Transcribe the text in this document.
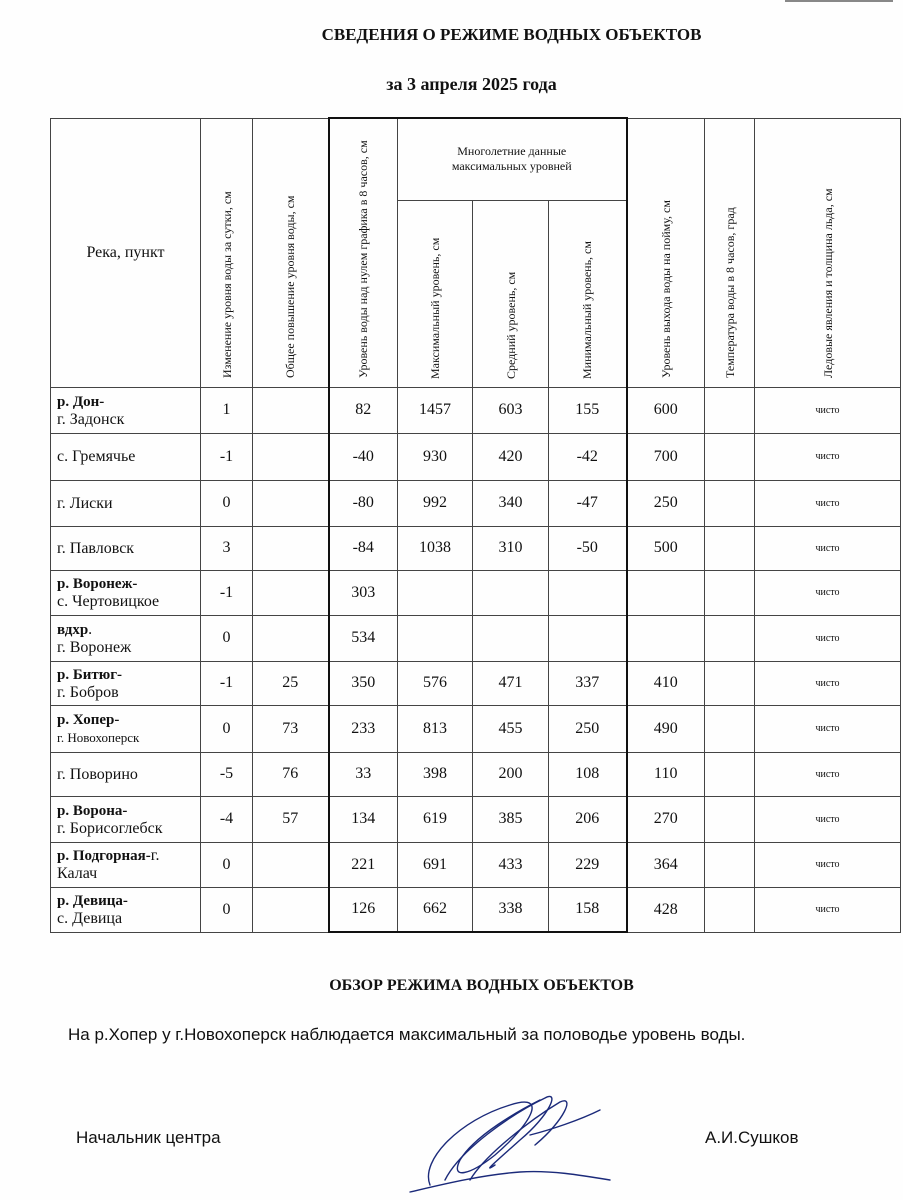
СВЕДЕНИЯ О РЕЖИМЕ ВОДНЫХ ОБЪЕКТОВ
за 3 апреля 2025 года
Река, пункт	Изменение уровня воды за сутки, см	Общее повышение уровня воды, см	Уровень воды над нулем графика в 8 часов, см	Многолетние данные максимальных уровней			Уровень выхода воды на пойму, см	Температура воды в 8 часов, град	Ледовые явления и толщина льда, см

				Максимальный уровень, см	Средний уровень, см	Минимальный уровень, см			

р. Дон-
г. Задонск	1		82	1457	603	155	600		чисто
с. Гремячье	-1		-40	930	420	-42	700		чисто
г. Лиски	0		-80	992	340	-47	250		чисто
г. Павловск	3		-84	1038	310	-50	500		чисто
р. Воронеж-
с. Чертовицкое	-1		303						чисто
вдхр.
г. Воронеж	0		534						чисто
р. Битюг-
г. Бобров	-1	25	350	576	471	337	410		чисто
р. Хопер-
г. Новохоперск	0	73	233	813	455	250	490		чисто
г. Поворино	-5	76	33	398	200	108	110		чисто
р. Ворона-
г. Борисоглебск	-4	57	134	619	385	206	270		чисто
р. Подгорная-г.
Калач	0		221	691	433	229	364		чисто
р. Девица-
с. Девица	0		126	662	338	158	428		чисто
ОБЗОР РЕЖИМА ВОДНЫХ ОБЪЕКТОВ
На р.Хопер у г.Новохоперск наблюдается максимальный за половодье уровень воды.
Начальник центра	А.И.Сушков
